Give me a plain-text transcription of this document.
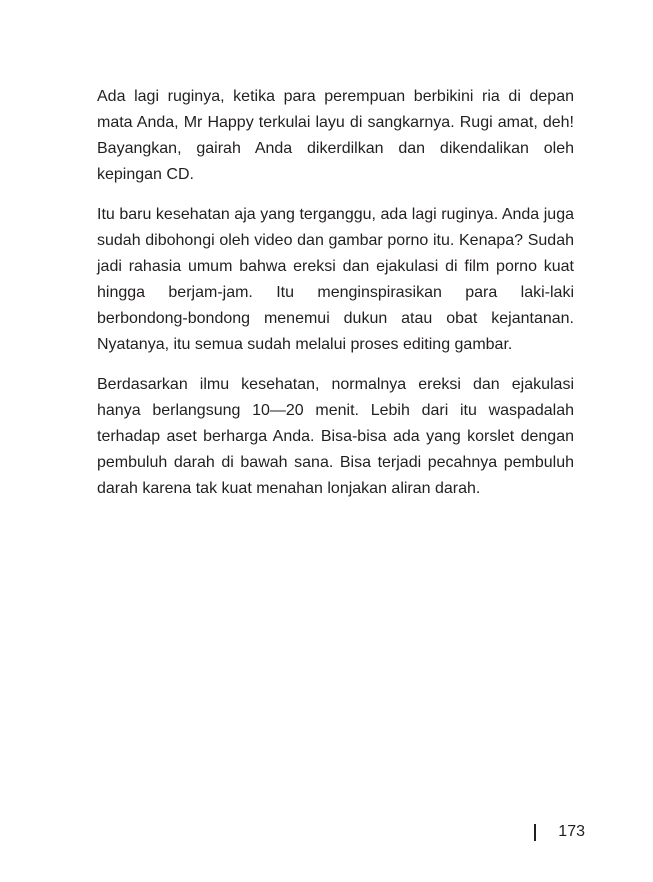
Ada lagi ruginya, ketika para perempuan berbikini ria di depan mata Anda, Mr Happy terkulai layu di sangkarnya. Rugi amat, deh! Bayangkan, gairah Anda dikerdilkan dan dikendalikan oleh kepingan CD.

Itu baru kesehatan aja yang terganggu, ada lagi ruginya. Anda juga sudah dibohongi oleh video dan gambar porno itu. Kenapa? Sudah jadi rahasia umum bahwa ereksi dan ejakulasi di film porno kuat hingga berjam-jam. Itu menginspirasikan para laki-laki berbondong-bondong menemui dukun atau obat kejantanan. Nyatanya, itu semua sudah melalui proses editing gambar.

Berdasarkan ilmu kesehatan, normalnya ereksi dan ejakulasi hanya berlangsung 10—20 menit. Lebih dari itu waspadalah terhadap aset berharga Anda. Bisa-bisa ada yang korslet dengan pembuluh darah di bawah sana. Bisa terjadi pecahnya pembuluh darah karena tak kuat menahan lonjakan aliran darah.

173
